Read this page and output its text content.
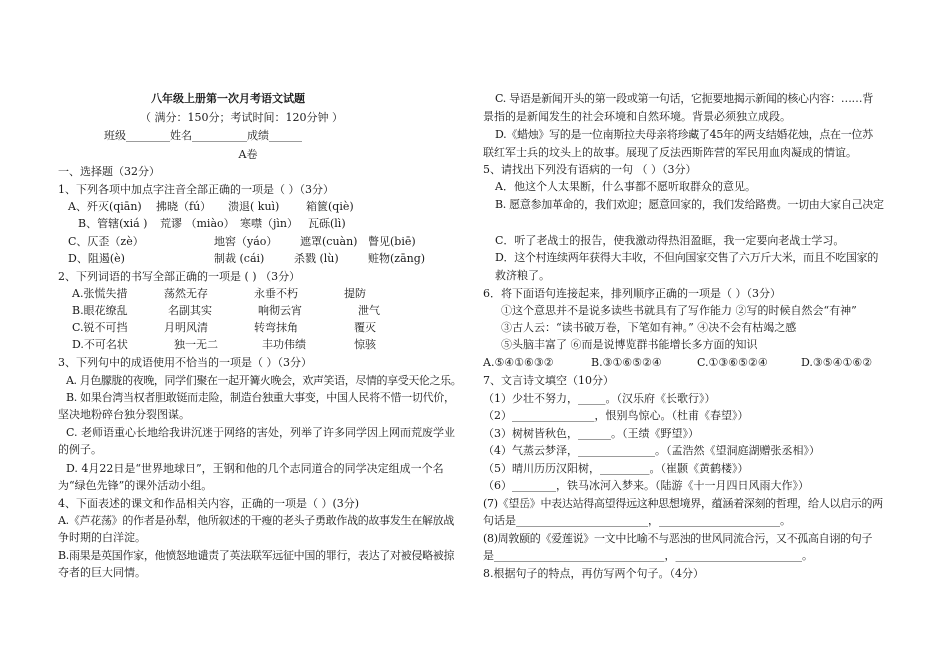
八年级上册第一次月考语文试题
（ 满分：150分；考试时间：120分钟 ）
班级________姓名__________成绩______
A卷
一、选择题（32分）
1、下列各项中加点字注音全部正确的一项是（ ）（3分）
A、歼灭(qiān) 拂晓（fú） 溃退( kuì) 箱篋(qiè)
B、管辖(xiá ) 荒谬 （miào） 寒噤（jìn） 瓦砾(lì)
C、仄歪（zè）	地窖（yáo） 遮罩(cuàn) 瞥见(biē)
D、阻遏(è)	制裁 (cái)	杀戮 (lù)	赃物(zāng)
2、下列词语的书写全部正确的一项是 ( ) （3分）
A.张慌失措	荡然无存	永垂不朽	提防
B.眼花缭乱	名副其实	响彻云宵	泄气
C.锐不可挡	月明风清	转弯抹角	覆灭
D.不可名状	独一无二	丰功伟绩	惊骇
3、下列句中的成语使用不恰当的一项是（ ）（3分）
A. 月色朦胧的夜晚，同学们聚在一起开篝火晚会，欢声笑语，尽情的享受天伦之乐。
B. 如果台湾当权者胆敢铤而走险，制造台独重大事变，中国人民将不惜一切代价，
坚决地粉碎台独分裂图谋。
C. 老师语重心长地给我讲沉迷于网络的害处，列举了许多同学因上网而荒废学业
的例子。
D. 4月22日是“世界地球日”，王钢和他的几个志同道合的同学决定组成一个名
为“绿色先锋”的课外活动小组。
4、下面表述的课文和作品相关内容，正确的一项是（ ）(3分)
A.《芦花荡》的作者是孙犁，他所叙述的干瘦的老头子勇敢作战的故事发生在解放战
争时期的白洋淀。
B.雨果是英国作家，他愤怒地谴责了英法联军远征中国的罪行，表达了对被侵略被掠
夺者的巨大同情。
C. 导语是新闻开头的第一段或第一句话，它扼要地揭示新闻的核心内容：……背
景指的是新闻发生的社会环境和自然环境。背景必须独立成段。
D.《蜡烛》写的是一位南斯拉夫母亲将珍藏了45年的两支结婚花烛，点在一位苏
联红军士兵的坟头上的故事。展现了反法西斯阵营的军民用血肉凝成的情谊。
5、请找出下列没有语病的一句 （ ）（3分）
A．他这个人太果断，什么事都不愿听取群众的意见。
B. 愿意参加革命的，我们欢迎；愿意回家的，我们发给路费。一切由大家自己决定
C．听了老战士的报告，使我激动得热泪盈眶，我一定要向老战士学习。
D．这个村连续两年获得大丰收，不但向国家交售了六万斤大米，而且不吃国家的
救济粮了。
6．将下面语句连接起来，排列顺序正确的一项是（ ）（3分）
①这个意思并不是说多读些书就具有了写作能力 ②写的时候自然会“有神”
③古人云：“读书破万卷，下笔如有神。” ④决不会有枯竭之感
⑤头脑丰富了 ⑥而是说博览群书能增长多方面的知识
A.⑤④①⑥③②	B.③①⑥⑤②④	C.①③⑥⑤②④	D.③⑤④①⑥②
7、文言诗文填空（10分）
（1）少壮不努力，_____。（汉乐府《长歌行》）
（2）_______________，恨别鸟惊心。（杜甫《春望》）
（3）树树皆秋色，______。（王绩《野望》）
（4）气蒸云梦泽，______________。（孟浩然《望洞庭湖赠张丞相》）
（5）晴川历历汉阳树，_________。（崔颢《黄鹤楼》）
（6）________，铁马冰河入梦来。（陆游《十一月四日风雨大作》）
(7)《望岳》中表达站得高望得远这种思想境界，蕴涵着深刻的哲理，给人以启示的两
句话是________________________，______________________。
(8)周敦颐的《爱莲说》一文中比喻不与恶浊的世风同流合污，又不孤高自诩的句子
是_______________________________，_______________________。
8.根据句子的特点，再仿写两个句子。（4分）
